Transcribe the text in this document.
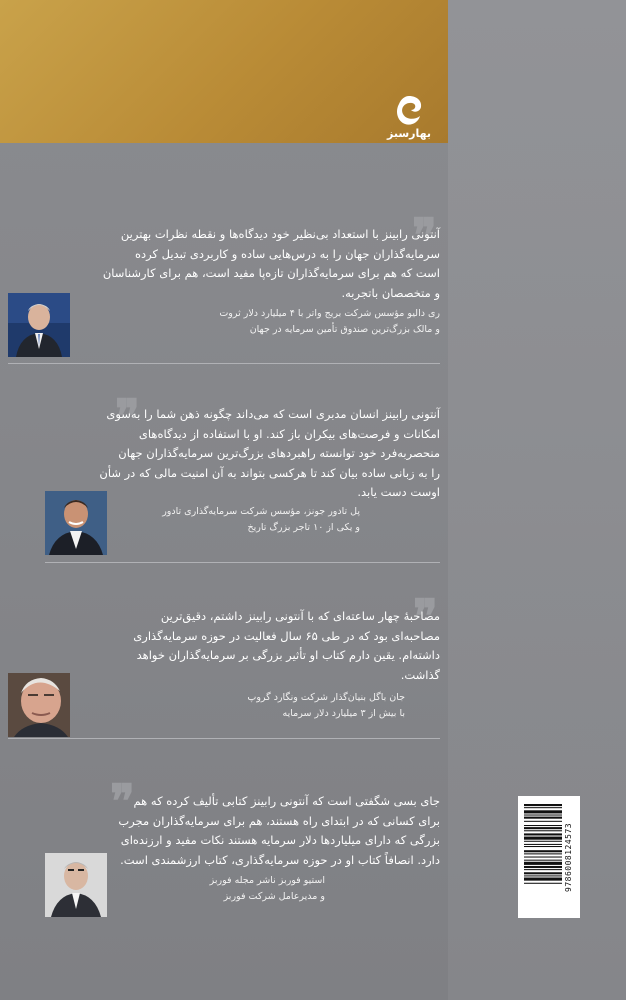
بهارسبز
❞

آنتونی رابینز با استعداد بی‌نظیر خود دیدگاه‌ها و نقطه نظرات بهترین
سرمایه‌گذاران جهان را به درس‌هایی ساده و کاربردی تبدیل کرده
است که هم برای سرمایه‌گذاران تازه‌پا مفید است، هم برای کارشناسان
و متخصصان باتجربه.

ری دالیو مؤسس شرکت بریج واتر با ۴ میلیارد دلار ثروت
و مالک بزرگ‌ترین صندوق تأمین سرمایه در جهان
❞

آنتونی رابینز انسان مدبری است که می‌داند چگونه ذهن شما را به‌سوی
امکانات و فرصت‌های بیکران باز کند. او با استفاده از دیدگاه‌های
منحصربه‌فرد خود توانسته راهبردهای بزرگ‌ترین سرمایه‌گذاران جهان
را به زبانی ساده بیان کند تا هرکسی بتواند به آن امنیت مالی که در شأن
اوست دست یابد.

پل تادور جونز، مؤسس شرکت سرمایه‌گذاری تادور
و یکی از ۱۰ تاجر بزرگ تاریخ
❞

مصاحبهٔ چهار ساعته‌ای که با آنتونی رابینز داشتم، دقیق‌ترین
مصاحبه‌ای بود که در طی ۶۵ سال فعالیت در حوزه سرمایه‌گذاری
داشته‌ام. یقین دارم کتاب او تأثیر بزرگی بر سرمایه‌گذاران خواهد
گذاشت.

جان باگل بنیان‌گذار شرکت ونگارد گروپ
با بیش از ۳ میلیارد دلار سرمایه
❞

جای بسی شگفتی است که آنتونی رابینز کتابی تألیف کرده که هم
برای کسانی که در ابتدای راه هستند، هم برای سرمایه‌گذاران مجرب
بزرگی که دارای میلیاردها دلار سرمایه هستند نکات مفید و ارزنده‌ای
دارد. انصافاً کتاب او در حوزه سرمایه‌گذاری، کتاب ارزشمندی است.

استیو فوربز ناشر مجله فوربز
و مدیرعامل شرکت فوربز
9786008124573
